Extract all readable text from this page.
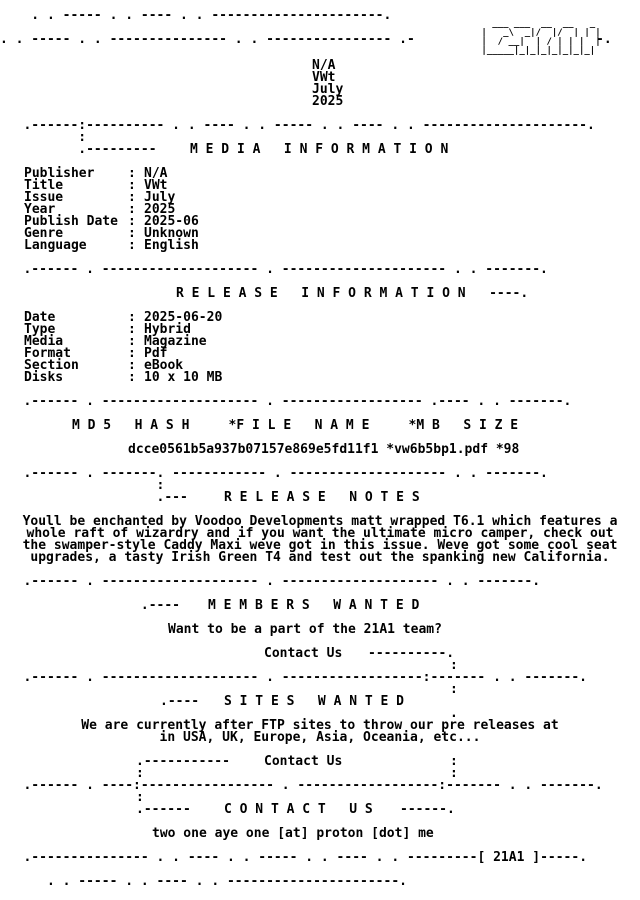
. . ----- . . ---- . . ----------------------.
. . ----- . . --------------- . . ---------------- .-	-.
___ ___  __  __   _
|   _\  _|/  |/  | | |
|  / __|  | / | | |  |
|_____|_|_|_|_|_|_|_|

N/A
VWt
July
2025
.------:---------- . . ---- . . ----- . . ---- . . ---------------------.
:
.---------	M E D I A   I N F O R M A T I O N
Publisher	: N/A
Title	: VWt
Issue	: July
Year	: 2025
Publish Date : 2025-06
Genre	: Unknown
Language	: English
.------ . -------------------- . --------------------- . . -------.
R E L E A S E   I N F O R M A T I O N   ----.
Date	: 2025-06-20
Type	: Hybrid
Media	: Magazine
Format	: Pdf
Section	: eBook
Disks	: 10 x 10 MB
.------ . -------------------- . ------------------ .---- . . -------.
M D 5   H A S H     *F I L E   N A M E     *M B   S I Z E
dcce0561b5a937b07157e869e5fd11f1 *vw6b5bp1.pdf *98
.------ . -------. ------------ . -------------------- . . -------.
:
.---	R E L E A S E   N O T E S
Youll be enchanted by Voodoo Developments matt wrapped T6.1 which features a
whole raft of wizardry and if you want the ultimate micro camper, check out
the swamper-style Caddy Maxi weve got in this issue. Weve got some cool seat
upgrades, a tasty Irish Green T4 and test out the spanking new California.
.------ . -------------------- . -------------------- . . -------.
.----	M E M B E R S   W A N T E D
Want to be a part of the 21A1 team?
Contact Us	----------.
.------ . -------------------- . ------------------:------- . . -------.
:
:
.----	S I T E S   W A N T E D
.
We are currently after FTP sites to throw our pre releases at
in USA, UK, Europe, Asia, Oceania, etc...
.-----------	Contact Us	:
:	:
.------ . ----:----------------- . ------------------:------- . . -------.
:
.------	C O N T A C T   U S	------.
two one aye one [at] proton [dot] me
.--------------- . . ---- . . ----- . . ---- . . ---------[ 21A1 ]-----.
. . ----- . . ---- . . ----------------------.
